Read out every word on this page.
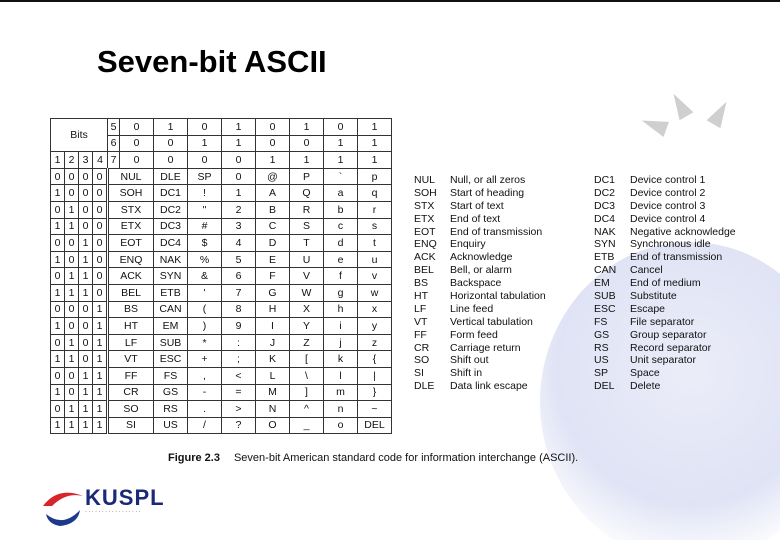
Seven-bit ASCII
Bits				5	0	1	0	1	0	1	0	1
				6	0	0	1	1	0	0	1	1
1	2	3	4	7	0	0	0	0	1	1	1	1
0	0	0	0	NUL		DLE	SP	0	@	P	`	p
1	0	0	0	SOH		DC1	!	1	A	Q	a	q
0	1	0	0	STX		DC2	"	2	B	R	b	r
1	1	0	0	ETX		DC3	#	3	C	S	c	s
0	0	1	0	EOT		DC4	$	4	D	T	d	t
1	0	1	0	ENQ		NAK	%	5	E	U	e	u
0	1	1	0	ACK		SYN	&	6	F	V	f	v
1	1	1	0	BEL		ETB	'	7	G	W	g	w
0	0	0	1	BS		CAN	(	8	H	X	h	x
1	0	0	1	HT		EM	)	9	I	Y	i	y
0	1	0	1	LF		SUB	*	:	J	Z	j	z
1	1	0	1	VT		ESC	+	;	K	[	k	{
0	0	1	1	FF		FS	,	<	L	\	l	|
1	0	1	1	CR		GS	-	=	M	]	m	}
0	1	1	1	SO		RS	.	>	N	^	n	~
1	1	1	1	SI		US	/	?	O	_	o	DEL
NUL Null, or all zeros
SOH Start of heading
STX Start of text
ETX End of text
EOT End of transmission
ENQ Enquiry
ACK Acknowledge
BEL Bell, or alarm
BS Backspace
HT Horizontal tabulation
LF Line feed
VT Vertical tabulation
FF Form feed
CR Carriage return
SO Shift out
SI Shift in
DLE Data link escape
DC1 Device control 1
DC2 Device control 2
DC3 Device control 3
DC4 Device control 4
NAK Negative acknowledge
SYN Synchronous idle
ETB End of transmission
CAN Cancel
EM End of medium
SUB Substitute
ESC Escape
FS File separator
GS Group separator
RS Record separator
US Unit separator
SP Space
DEL Delete
Figure 2.3 Seven-bit American standard code for information interchange (ASCII).
KUSPL
· · · · · · · · · · · · · · · · ·
